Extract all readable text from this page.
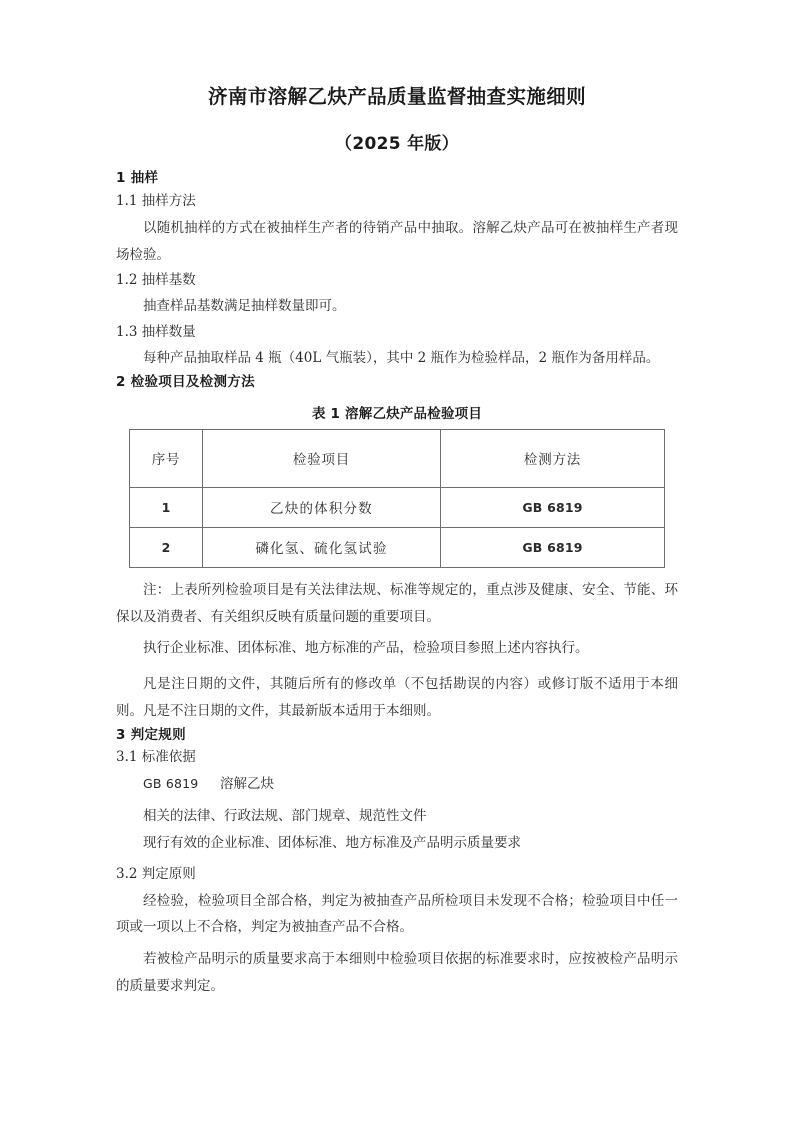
济南市溶解乙炔产品质量监督抽查实施细则
（2025 年版）
1 抽样
1.1 抽样方法

以随机抽样的方式在被抽样生产者的待销产品中抽取。溶解乙炔产品可在被抽样生产者现场检验。

1.2 抽样基数

抽查样品基数满足抽样数量即可。

1.3 抽样数量

每种产品抽取样品 4 瓶（40L 气瓶装），其中 2 瓶作为检验样品，2 瓶作为备用样品。

2 检验项目及检测方法
表 1 溶解乙炔产品检验项目
序号	检验项目	检测方法
1	乙炔的体积分数	GB 6819
2	磷化氢、硫化氢试验	GB 6819

注：上表所列检验项目是有关法律法规、标准等规定的，重点涉及健康、安全、节能、环保以及消费者、有关组织反映有质量问题的重要项目。

执行企业标准、团体标准、地方标准的产品，检验项目参照上述内容执行。

凡是注日期的文件，其随后所有的修改单（不包括勘误的内容）或修订版不适用于本细则。凡是不注日期的文件，其最新版本适用于本细则。

3 判定规则
3.1 标准依据
GB 6819 溶解乙炔
相关的法律、行政法规、部门规章、规范性文件
现行有效的企业标准、团体标准、地方标准及产品明示质量要求
3.2 判定原则

经检验，检验项目全部合格，判定为被抽查产品所检项目未发现不合格；检验项目中任一项或一项以上不合格，判定为被抽查产品不合格。

若被检产品明示的质量要求高于本细则中检验项目依据的标准要求时，应按被检产品明示的质量要求判定。
